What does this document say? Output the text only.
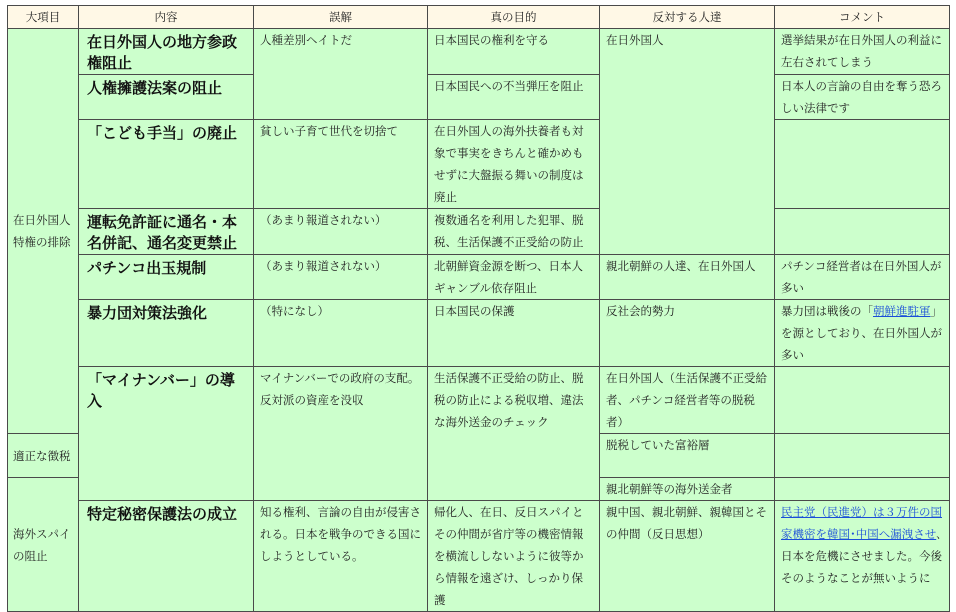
大項目	内容	誤解	真の目的	反対する人達	コメント
在日外国人特権の排除	在日外国人の地方参政権阻止	人種差別ヘイトだ	日本国民の権利を守る	在日外国人	選挙結果が在日外国人の利益に左右されてしまう
	人権擁護法案の阻止		日本国民への不当弾圧を阻止		日本人の言論の自由を奪う恐ろしい法律です
	「こども手当」の廃止	貧しい子育て世代を切捨て	在日外国人の海外扶養者も対象で事実をきちんと確かめもせずに大盤振る舞いの制度は廃止		
	運転免許証に通名・本名併記、通名変更禁止	（あまり報道されない）	複数通名を利用した犯罪、脱税、生活保護不正受給の防止		
	パチンコ出玉規制	（あまり報道されない）	北朝鮮資金源を断つ、日本人ギャンブル依存阻止	親北朝鮮の人達、在日外国人	パチンコ経営者は在日外国人が多い
	暴力団対策法強化	（特になし）	日本国民の保護	反社会的勢力	暴力団は戦後の「朝鮮進駐軍」を源としており、在日外国人が多い
	「マイナンバー」の導入	マイナンバーでの政府の支配。反対派の資産を没収	生活保護不正受給の防止、脱税の防止による税収増、違法な海外送金のチェック	在日外国人（生活保護不正受給者、パチンコ経営者等の脱税者）	
適正な徴税				脱税していた富裕層	
海外スパイの阻止				親北朝鮮等の海外送金者	
	特定秘密保護法の成立	知る権利、言論の自由が侵害される。日本を戦争のできる国にしようとしている。	帰化人、在日、反日スパイとその仲間が省庁等の機密情報を横流ししないように彼等から情報を遠ざけ、しっかり保護	親中国、親北朝鮮、親韓国とその仲間（反日思想）	民主党（民進党）は３万件の国家機密を韓国･中国へ漏洩させ､日本を危機にさせました。今後そのようなことが無いように
